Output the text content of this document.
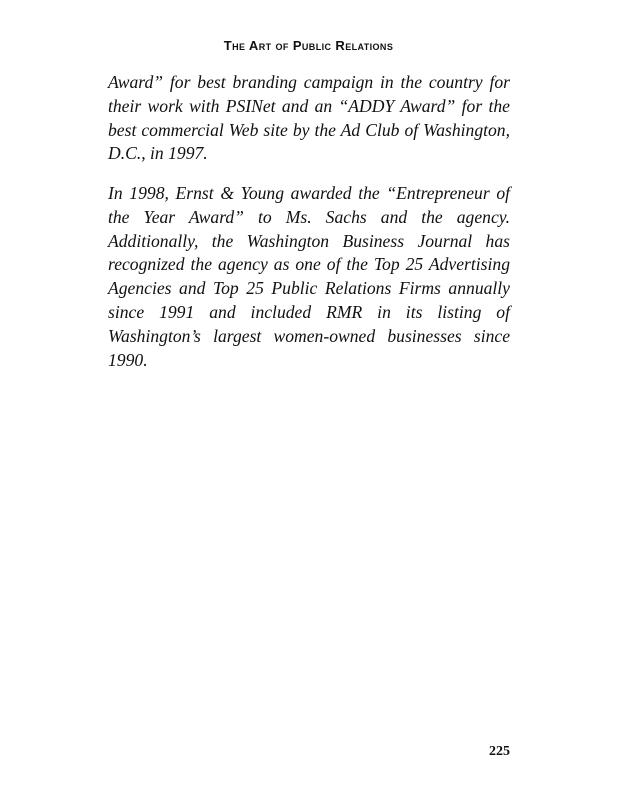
The Art of Public Relations

Award” for best branding campaign in the country for their work with PSINet and an “ADDY Award” for the best commercial Web site by the Ad Club of Washington, D.C., in 1997.

In 1998, Ernst & Young awarded the “Entrepreneur of the Year Award” to Ms. Sachs and the agency. Additionally, the Washington Business Journal has recognized the agency as one of the Top 25 Advertising Agencies and Top 25 Public Relations Firms annually since 1991 and included RMR in its listing of Washington’s largest women-owned businesses since 1990.

225
